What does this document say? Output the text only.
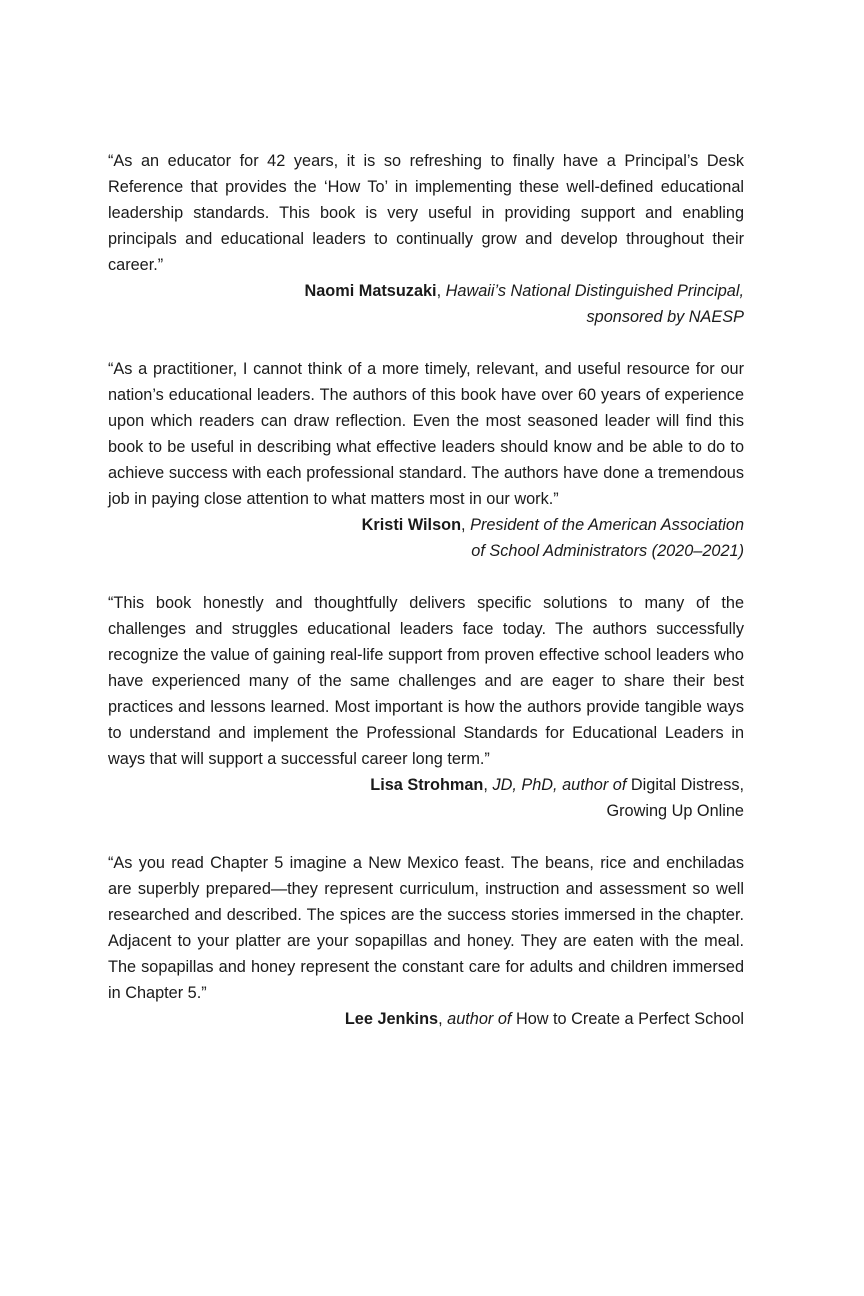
“As an educator for 42 years, it is so refreshing to finally have a Principal’s Desk Reference that provides the ‘How To’ in implementing these well-defined educational leadership standards. This book is very useful in providing support and enabling principals and educational leaders to continually grow and develop throughout their career.”

Naomi Matsuzaki, Hawaii’s National Distinguished Principal,
sponsored by NAESP

“As a practitioner, I cannot think of a more timely, relevant, and useful resource for our nation’s educational leaders. The authors of this book have over 60 years of experience upon which readers can draw reflection. Even the most seasoned leader will find this book to be useful in describing what effective leaders should know and be able to do to achieve success with each professional standard. The authors have done a tremendous job in paying close attention to what matters most in our work.”

Kristi Wilson, President of the American Association
of School Administrators (2020–2021)

“This book honestly and thoughtfully delivers specific solutions to many of the challenges and struggles educational leaders face today. The authors successfully recognize the value of gaining real-life support from proven effective school leaders who have experienced many of the same challenges and are eager to share their best practices and lessons learned. Most important is how the authors provide tangible ways to understand and implement the Professional Standards for Educational Leaders in ways that will support a successful career long term.”

Lisa Strohman, JD, PhD, author of Digital Distress,
Growing Up Online

“As you read Chapter 5 imagine a New Mexico feast. The beans, rice and enchiladas are superbly prepared—they represent curriculum, instruction and assessment so well researched and described. The spices are the success stories immersed in the chapter. Adjacent to your platter are your sopapillas and honey. They are eaten with the meal. The sopapillas and honey represent the constant care for adults and children immersed in Chapter 5.”

Lee Jenkins, author of How to Create a Perfect School
